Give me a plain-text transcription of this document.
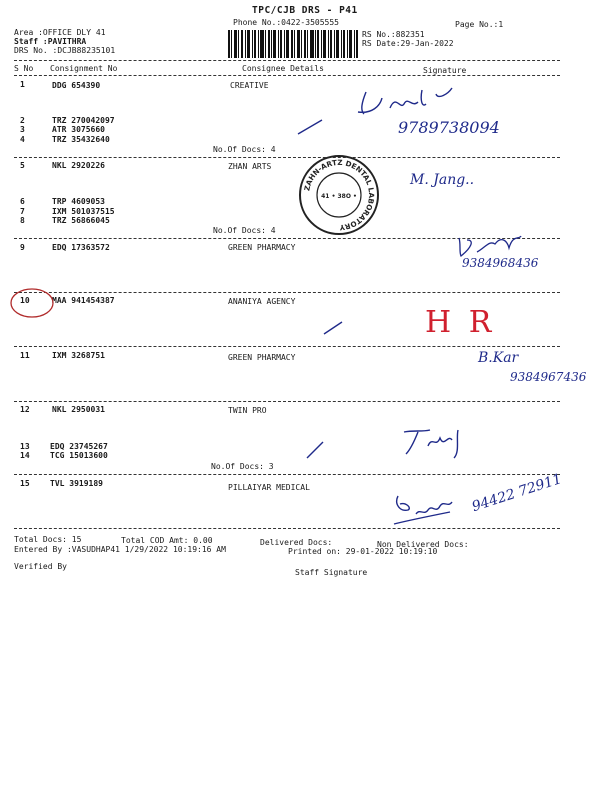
TPC/CJB DRS - P41
Phone No.:0422-3505555	Page No.:1
Area :OFFICE DLY 41
Staff :PAVITHRA
DRS No. :DCJB88235101
RS No.:882351
RS Date:29-Jan-2022
S No Consignment No	Consignee Details	Signature
1	DDG 654390	CREATIVE
2	TRZ 270042097
3	ATR 3075660
4	TRZ 35432640
No.Of Docs: 4
5	NKL 2920226	ZHAN ARTS
6	TRP 4609053
7	IXM 501037515
8	TRZ 56866045
No.Of Docs: 4
9	EDQ 17363572	GREEN PHARMACY
10	MAA 941454387	ANANIYA AGENCY
11	IXM 3268751	GREEN PHARMACY
12	NKL 2950031	TWIN PRO
13	EDQ 23745267
14	TCG 15013600
No.Of Docs: 3
15	TVL 3919189	PILLAIYAR MEDICAL
Total Docs: 15	Total COD Amt: 0.00	Delivered Docs:	Non Delivered Docs:
Entered By :VASUDHAP41 1/29/2022 10:19:16 AM	Printed on: 29-01-2022 10:19:10
Verified By
Staff Signature
ZAHN-ARTZ DENTAL LABORATORY
41 • 38O •
9789738094
M. Jang..
9384968436
H R
B.Kar
9384967436
94422 72911
